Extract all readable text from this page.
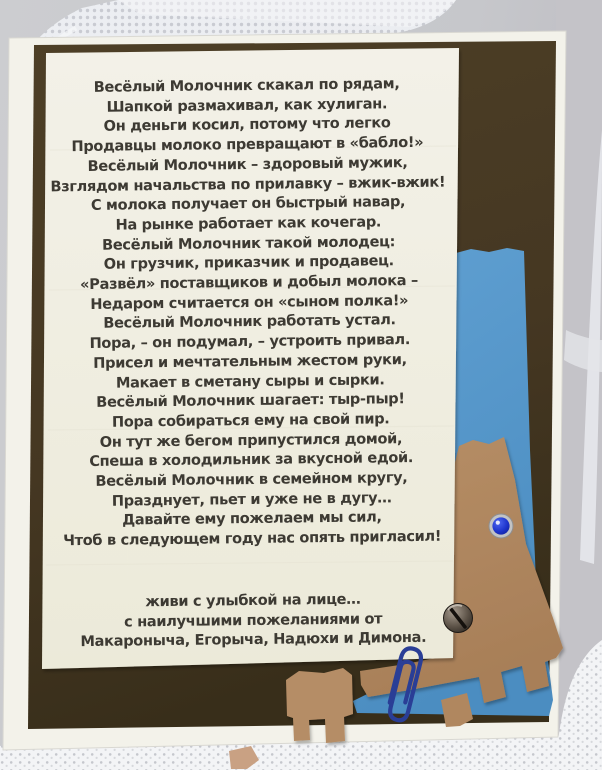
Весёлый Молочник скакал по рядам,
Шапкой размахивал, как хулиган.
Он деньги косил, потому что легко
Продавцы молоко превращают в «бабло!»
Весёлый Молочник – здоровый мужик,
Взглядом начальства по прилавку – вжик-вжик!
С молока получает он быстрый навар,
На рынке работает как кочегар.
Весёлый Молочник такой молодец:
Он грузчик, приказчик и продавец.
«Развёл» поставщиков и добыл молока –
Недаром считается он «сыном полка!»
Весёлый Молочник работать устал.
Пора, – он подумал, – устроить привал.
Присел и мечтательным жестом руки,
Макает в сметану сыры и сырки.
Весёлый Молочник шагает: тыр-пыр!
Пора собираться ему на свой пир.
Он тут же бегом припустился домой,
Спеша в холодильник за вкусной едой.
Весёлый Молочник в семейном кругу,
Празднует, пьет и уже не в дугу…
Давайте ему пожелаем мы сил,
Чтоб в следующем году нас опять пригласил!
живи с улыбкой на лице…
с наилучшими пожеланиями от
Макароныча, Егорыча, Надюхи и Димона.
